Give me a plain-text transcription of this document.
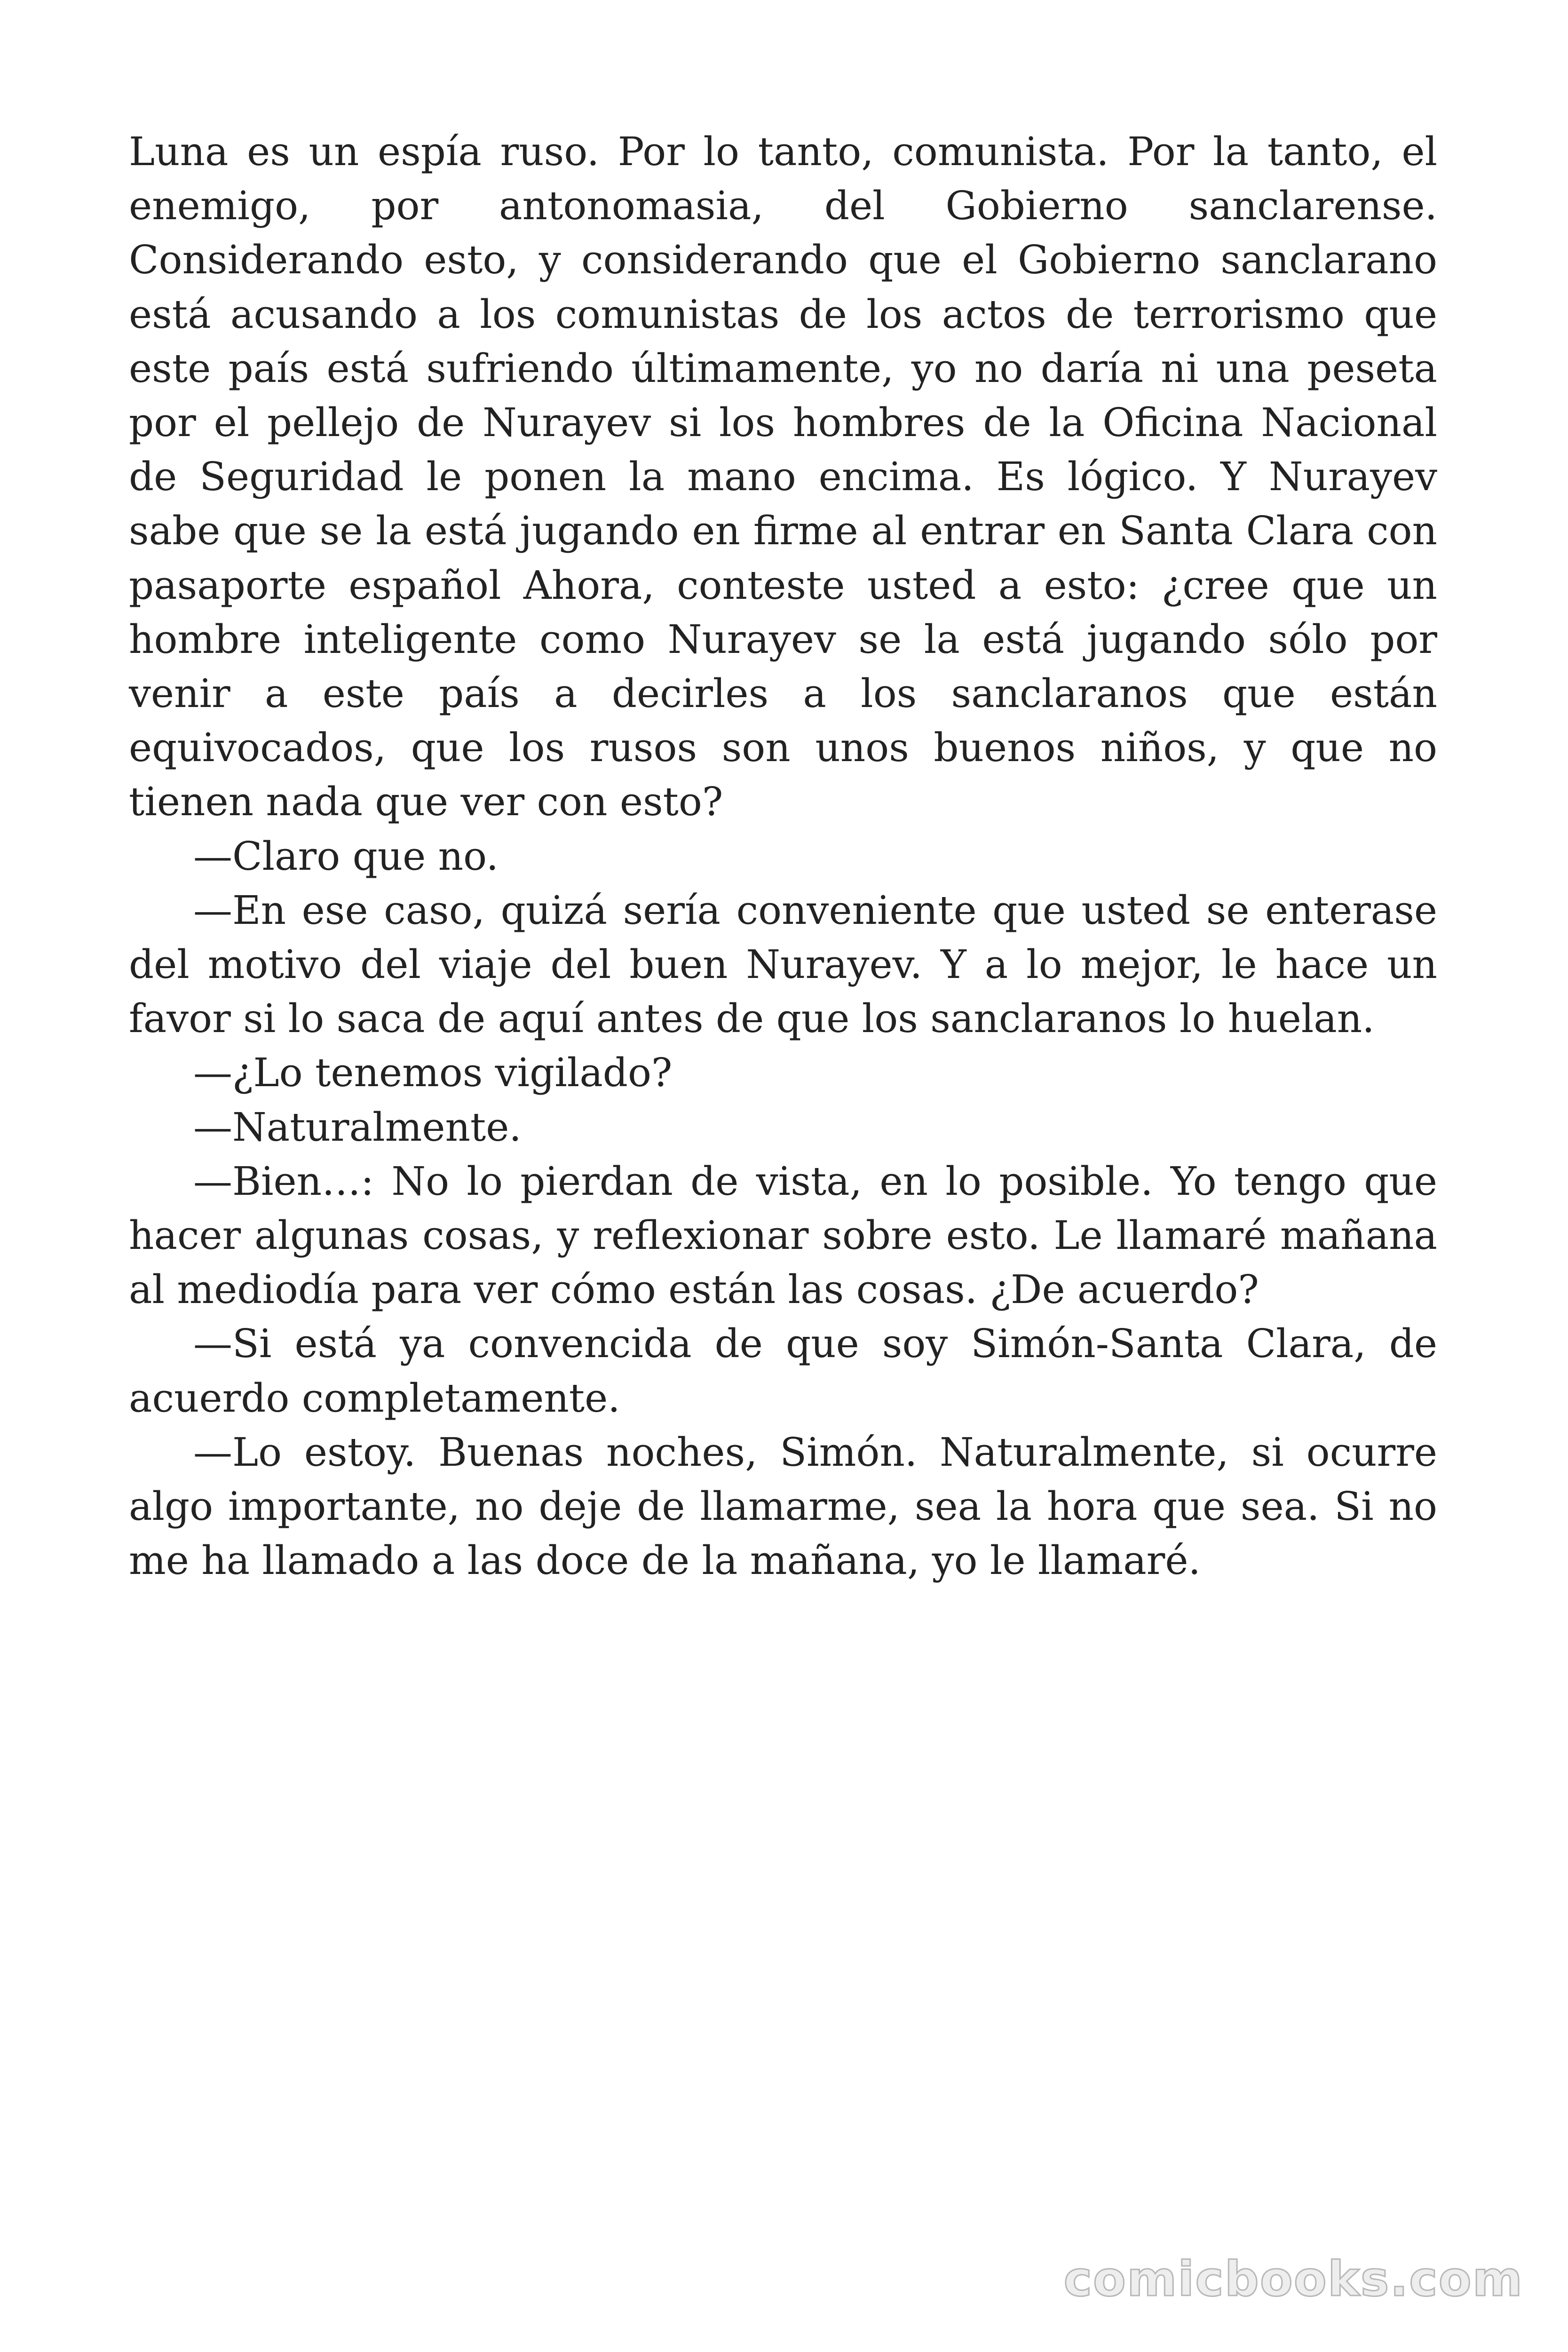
Luna es un espía ruso. Por lo tanto, comunista. Por la tanto, el enemigo, por antonomasia, del Gobierno sanclarense. Considerando esto, y considerando que el Gobierno sanclarano está acusando a los comunistas de los actos de terrorismo que este país está sufriendo últimamente, yo no daría ni una peseta por el pellejo de Nurayev si los hombres de la Oficina Nacional de Seguridad le ponen la mano encima. Es lógico. Y Nurayev sabe que se la está jugando en firme al entrar en Santa Clara con pasaporte español Ahora, conteste usted a esto: ¿cree que un hombre inteligente como Nurayev se la está jugando sólo por venir a este país a decirles a los sanclaranos que están equivocados, que los rusos son unos buenos niños, y que no tienen nada que ver con esto?

—Claro que no.

—En ese caso, quizá sería conveniente que usted se enterase del motivo del viaje del buen Nurayev. Y a lo mejor, le hace un favor si lo saca de aquí antes de que los sanclaranos lo huelan.

—¿Lo tenemos vigilado?

—Naturalmente.

—Bien…: No lo pierdan de vista, en lo posible. Yo tengo que hacer algunas cosas, y reflexionar sobre esto. Le llamaré mañana al mediodía para ver cómo están las cosas. ¿De acuerdo?

—Si está ya convencida de que soy Simón-Santa Clara, de acuerdo completamente.

—Lo estoy. Buenas noches, Simón. Naturalmente, si ocurre algo importante, no deje de llamarme, sea la hora que sea. Si no me ha llamado a las doce de la mañana, yo le llamaré.

comicbooks.com
